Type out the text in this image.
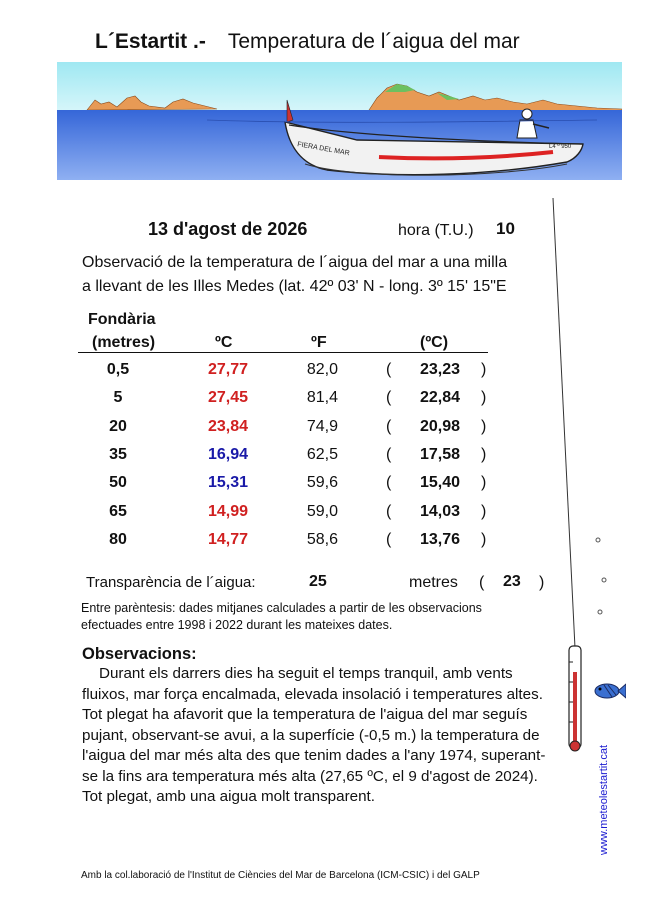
L´Estartit .- Temperatura de l´aigua del mar
FIERA DEL MAR	L4 º 950
13 d'agost de 2026	hora (T.U.) 10
Observació de la temperatura de l´aigua del mar a una milla
a llevant de les Illes Medes (lat. 42º 03' N - long. 3º 15' 15"E
Fondària
(metres)	ºC	ºF	(ºC)
0,5	27,77	82,0	(	23,23 )
5	27,45	81,4	(	22,84 )
20	23,84	74,9	(	20,98 )
35	16,94	62,5	(	17,58 )
50	15,31	59,6	(	15,40 )
65	14,99	59,0	(	14,03 )
80	14,77	58,6	(	13,76 )
Transparència de l´aigua:	25	metres ( 23 )
Entre parèntesis: dades mitjanes calculades a partir de les observacions efectuades entre 1998 i 2022 durant les mateixes dates.
Observacions:
Durant els darrers dies ha seguit el temps tranquil, amb vents fluixos, mar força encalmada, elevada insolació i temperatures altes. Tot plegat ha afavorit que la temperatura de l'aigua del mar seguís pujant, observant-se avui, a la superfície (-0,5 m.) la temperatura de l'aigua del mar més alta des que tenim dades a l'any 1974, superant-se la fins ara temperatura més alta (27,65 ºC, el 9 d'agost de 2024). Tot plegat, amb una aigua molt transparent.
Amb la col.laboració de l'Institut de Ciències del Mar de Barcelona (ICM-CSIC) i del GALP
www.meteolestartit.cat
